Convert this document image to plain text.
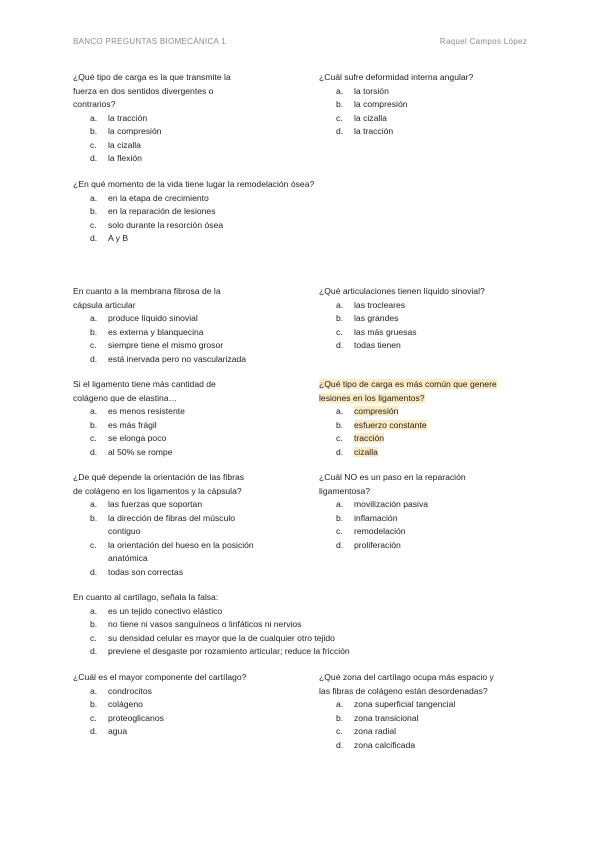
BANCO PREGUNTAS BIOMECÁNICA 1	Raquel Campos López
¿Qué tipo de carga es la que transmite la
fuerza en dos sentidos divergentes o
contrarios?
la tracción
la compresión
la cizalla
la flexión
¿Cuál sufre deformidad interna angular?
la torsión
la compresión
la cizalla
la tracción
¿En qué momento de la vida tiene lugar la remodelación ósea?
en la etapa de crecimiento
en la reparación de lesiones
solo durante la resorción ósea
A y B
En cuanto a la membrana fibrosa de la
cápsula articular
produce líquido sinovial
es externa y blanquecina
siempre tiene el mismo grosor
está inervada pero no vascularizada
¿Qué articulaciones tienen líquido sinovial?
las trocleares
las grandes
las más gruesas
todas tienen
Si el ligamento tiene más cantidad de
colágeno que de elastina…
es menos resistente
es más frágil
se elonga poco
al 50% se rompe
¿Qué tipo de carga es más común que genere
lesiones en los ligamentos?
compresión
esfuerzo constante
tracción
cizalla
¿De qué depende la orientación de las fibras
de colágeno en los ligamentos y la cápsula?
las fuerzas que soportan
la dirección de fibras del músculo
contiguo
la orientación del hueso en la posición
anatómica
todas son correctas
¿Cuál NO es un paso en la reparación
ligamentosa?
movilización pasiva
inflamación
remodelación
proliferación
En cuanto al cartílago, señala la falsa:
es un tejido conectivo elástico
no tiene ni vasos sanguíneos o linfáticos ni nervios
su densidad celular es mayor que la de cualquier otro tejido
previene el desgaste por rozamiento articular; reduce la fricción
¿Cuál es el mayor componente del cartílago?
condrocitos
colágeno
proteoglicanos
agua
¿Qué zona del cartílago ocupa más espacio y
las fibras de colágeno están desordenadas?
zona superficial tangencial
zona transicional
zona radial
zona calcificada
